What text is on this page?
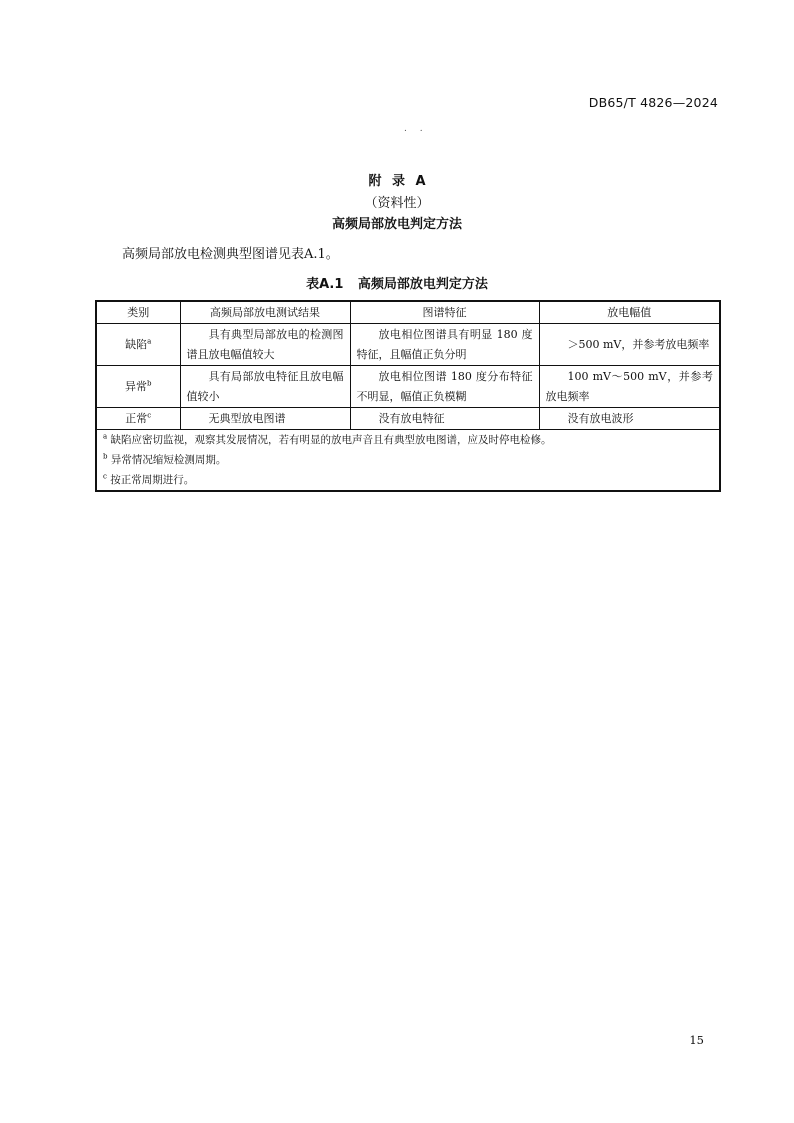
DB65/T 4826—2024
. .
附 录 A
（资料性）
高频局部放电判定方法
高频局部放电检测典型图谱见表A.1。
表A.1 高频局部放电判定方法
类别	高频局部放电测试结果	图谱特征	放电幅值
缺陷$^a$	具有典型局部放电的检测图谱且放电幅值较大	放电相位图谱具有明显 180 度特征，且幅值正负分明	＞500 mV，并参考放电频率
异常$^b$	具有局部放电特征且放电幅值较小	放电相位图谱 180 度分布特征不明显，幅值正负模糊	100 mV～500 mV，并参考放电频率
正常$^c$	无典型放电图谱	没有放电特征	没有放电波形

$^a$ 缺陷应密切监视，观察其发展情况，若有明显的放电声音且有典型放电图谱，应及时停电检修。
$^b$ 异常情况缩短检测周期。
$^c$ 按正常周期进行。			
15
